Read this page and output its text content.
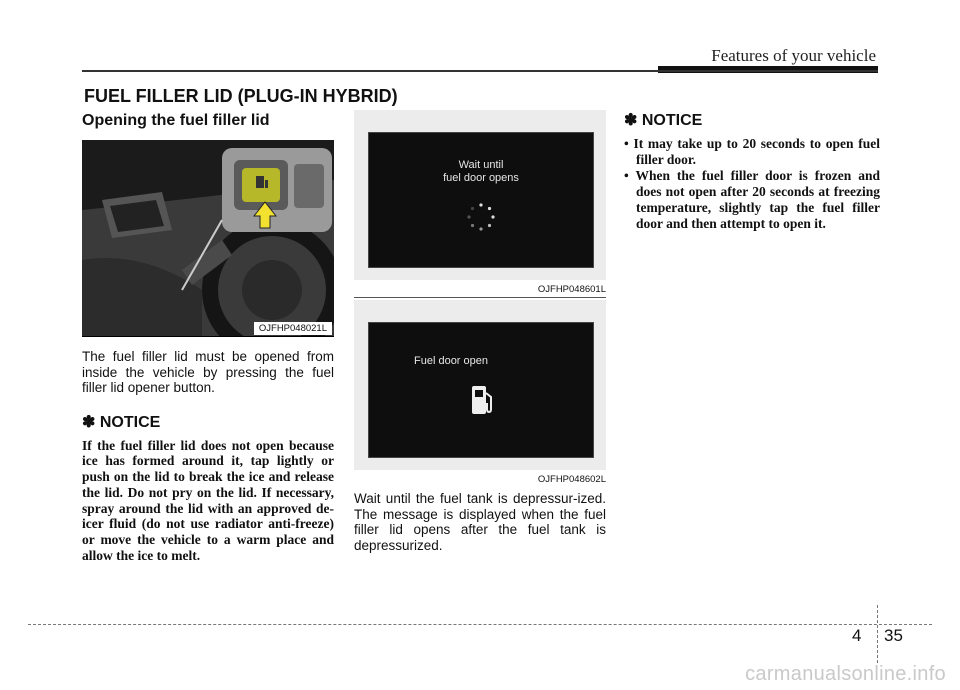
Features of your vehicle
FUEL FILLER LID (PLUG-IN HYBRID)
Opening the fuel filler lid
OJFHP048021L

The fuel filler lid must be opened from inside the vehicle by pressing the fuel filler lid opener button.

✽ NOTICE

If the fuel filler lid does not open because ice has formed around it, tap lightly or push on the lid to break the ice and release the lid. Do not pry on the lid. If necessary, spray around the lid with an approved de-icer fluid (do not use radiator anti-freeze) or move the vehicle to a warm place and allow the ice to melt.

Wait until
fuel door opens
OJFHP048601L
Fuel door open
OJFHP048602L

Wait until the fuel tank is depressur-ized. The message is displayed when the fuel filler lid opens after the fuel tank is depressurized.

✽ NOTICE
• It may take up to 20 seconds to open fuel filler door.
• When the fuel filler door is frozen and does not open after 20 seconds at freezing temperature, slightly tap the fuel filler door and then attempt to open it.
4 35
carmanualsonline.info
